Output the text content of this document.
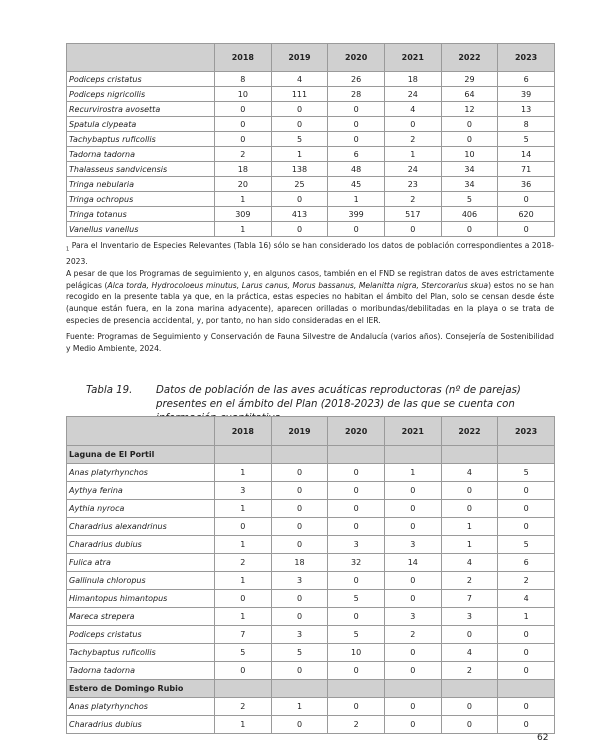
	2018	2019	2020	2021	2022	2023
Podiceps cristatus	8	4	26	18	29	6
Podiceps nigricollis	10	111	28	24	64	39
Recurvirostra avosetta	0	0	0	4	12	13
Spatula clypeata	0	0	0	0	0	8
Tachybaptus ruficollis	0	5	0	2	0	5
Tadorna tadorna	2	1	6	1	10	14
Thalasseus sandvicensis	18	138	48	24	34	71
Tringa nebularia	20	25	45	23	34	36
Tringa ochropus	1	0	1	2	5	0
Tringa totanus	309	413	399	517	406	620
Vanellus vanellus	1	0	0	0	0	0

$_1$ Para el Inventario de Especies Relevantes (Tabla 16) sólo se han considerado los datos de población correspondientes a 2018-2023.

A pesar de que los Programas de seguimiento y, en algunos casos, también en el FND se registran datos de aves estrictamente pelágicas (Alca torda, Hydrocoloeus minutus, Larus canus, Morus bassanus, Melanitta nigra, Stercorarius skua) estos no se han recogido en la presente tabla ya que, en la práctica, estas especies no habitan el ámbito del Plan, solo se censan desde éste (aunque están fuera, en la zona marina adyacente), aparecen orilladas o moribundas/debilitadas en la playa o se trata de especies de presencia accidental, y, por tanto, no han sido consideradas en el IER.

Fuente: Programas de Seguimiento y Conservación de Fauna Silvestre de Andalucía (varios años). Consejería de Sostenibilidad y Medio Ambiente, 2024.

Tabla 19. Datos de población de las aves acuáticas reproductoras (nº de parejas) presentes en el ámbito del Plan (2018-2023) de las que se cuenta con
	2018	2019	2020	2021	2022	2023
Laguna de El Portil						
Anas platyrhynchos	1	0	0	1	4	5
Aythya ferina	3	0	0	0	0	0
Aythia nyroca	1	0	0	0	0	0
Charadrius alexandrinus	0	0	0	0	1	0
Charadrius dubius	1	0	3	3	1	5
Fulica atra	2	18	32	14	4	6
Gallinula chloropus	1	3	0	0	2	2
Himantopus himantopus	0	0	5	0	7	4
Mareca strepera	1	0	0	3	3	1
Podiceps cristatus	7	3	5	2	0	0
Tachybaptus ruficollis	5	5	10	0	4	0
Tadorna tadorna	0	0	0	0	2	0
Estero de Domingo Rubio						
Anas platyrhynchos	2	1	0	0	0	0
Charadrius dubius	1	0	2	0	0	0
62
